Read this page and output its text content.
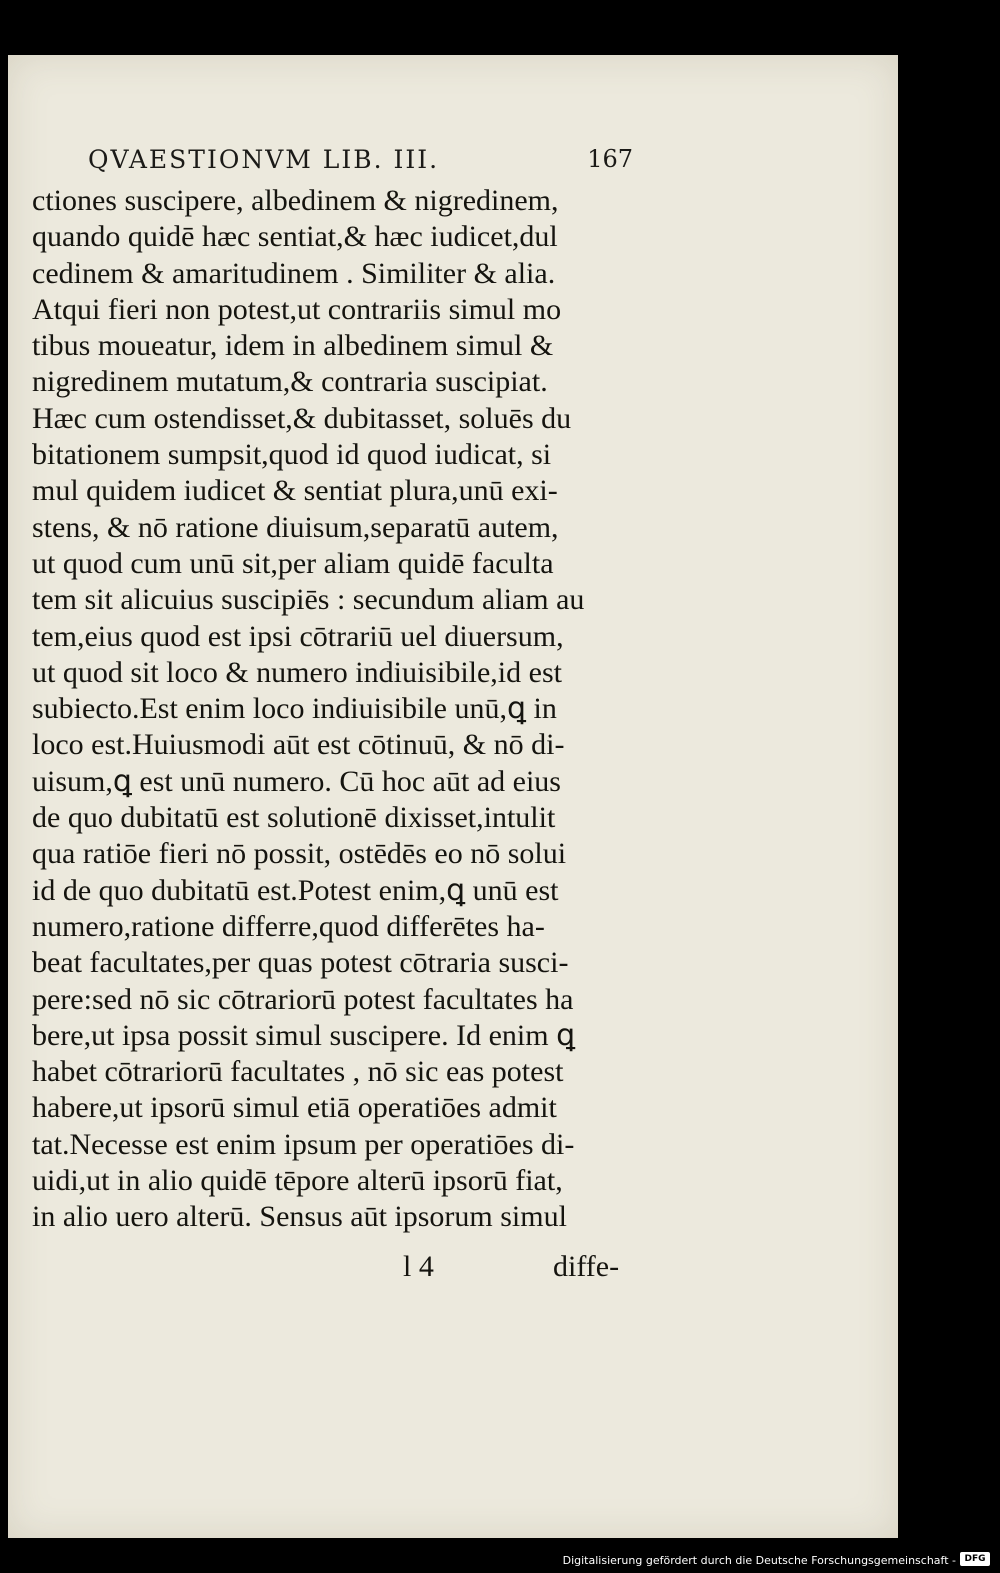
QVAESTIONVM LIB. III.	167
ctiones suscipere, albedinem & nigredinem,
quando quidē hæc sentiat,& hæc iudicet,dul
cedinem & amaritudinem . Similiter & alia.
Atqui fieri non potest,ut contrariis simul mo
tibus moueatur, idem in albedinem simul &
nigredinem mutatum,& contraria suscipiat.
Hæc cum ostendisset,& dubitasset, soluēs du
bitationem sumpsit,quod id quod iudicat, si
mul quidem iudicet & sentiat plura,unū exi-
stens, & nō ratione diuisum,separatū autem,
ut quod cum unū sit,per aliam quidē faculta
tem sit alicuius suscipiēs : secundum aliam au
tem,eius quod est ipsi cōtrariū uel diuersum,
ut quod sit loco & numero indiuisibile,id est
subiecto.Est enim loco indiuisibile unū,ꝗ in
loco est.Huiusmodi aūt est cōtinuū, & nō di-
uisum,ꝗ est unū numero. Cū hoc aūt ad eius
de quo dubitatū est solutionē dixisset,intulit
qua ratiōe fieri nō possit, ostēdēs eo nō solui
id de quo dubitatū est.Potest enim,ꝗ unū est
numero,ratione differre,quod differētes ha-
beat facultates,per quas potest cōtraria susci-
pere:sed nō sic cōtrariorū potest facultates ha
bere,ut ipsa possit simul suscipere. Id enim ꝗ
habet cōtrariorū facultates , nō sic eas potest
habere,ut ipsorū simul etiā operatiōes admit
tat.Necesse est enim ipsum per operatiōes di-
uidi,ut in alio quidē tēpore alterū ipsorū fiat,
in alio uero alterū. Sensus aūt ipsorum simul
l 4	diffe-
Digitalisierung gefördert durch die Deutsche Forschungsgemeinschaft - DFG
